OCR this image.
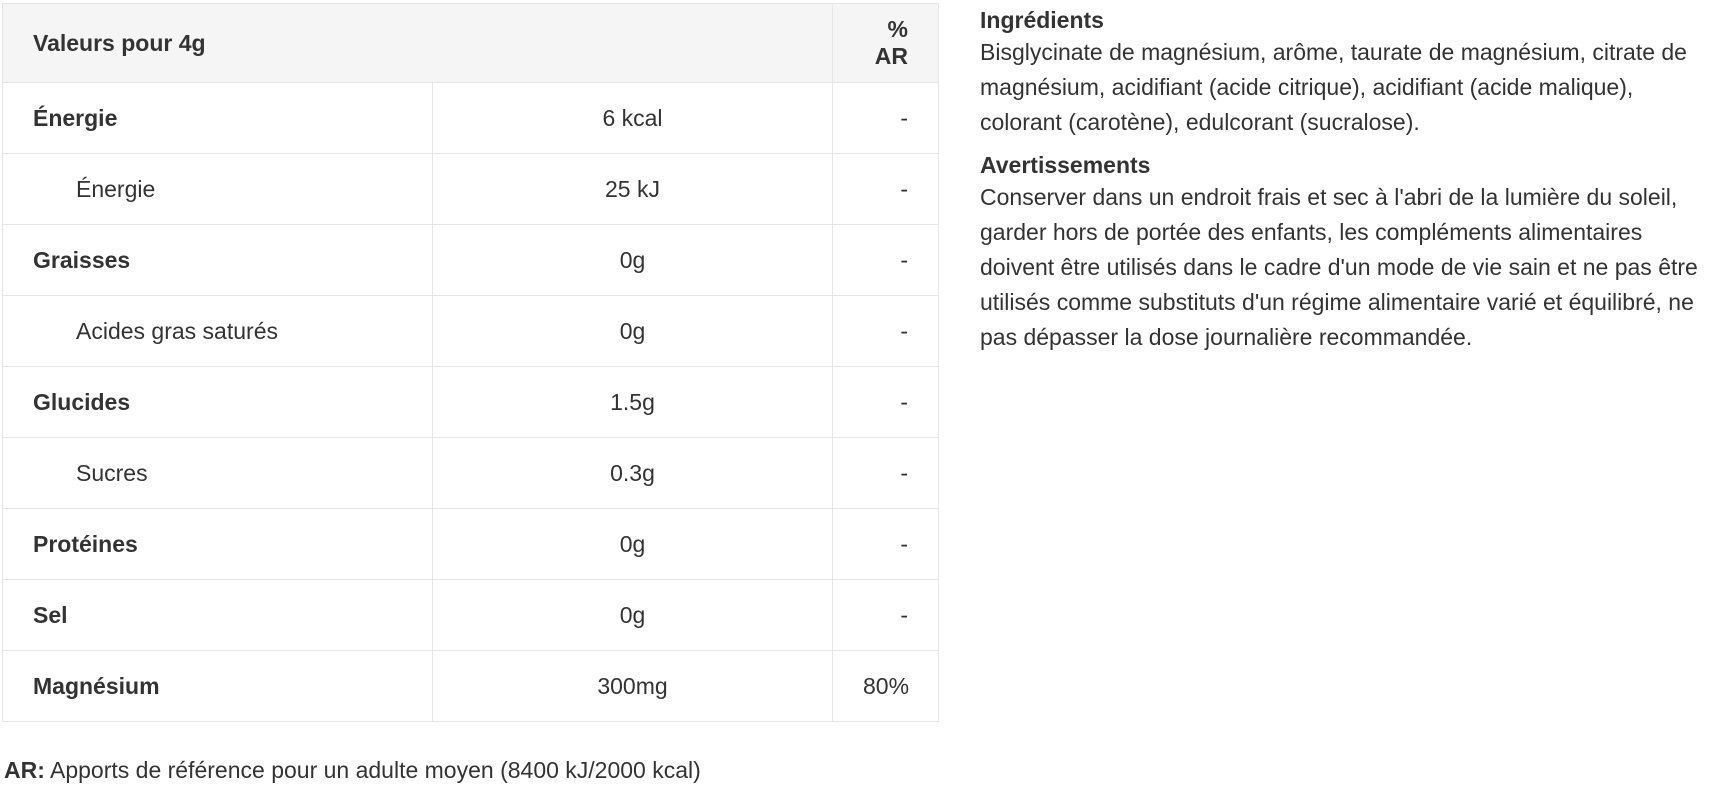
Valeurs pour 4g		% AR
Énergie	6 kcal	-
Énergie	25 kJ	-
Graisses	0g	-
Acides gras saturés	0g	-
Glucides	1.5g	-
Sucres	0.3g	-
Protéines	0g	-
Sel	0g	-
Magnésium	300mg	80%
AR: Apports de référence pour un adulte moyen (8400 kJ/2000 kcal)
Ingrédients

Bisglycinate de magnésium, arôme, taurate de magnésium, citrate de magnésium, acidifiant (acide citrique), acidifiant (acide malique), colorant (carotène), edulcorant (sucralose).

Avertissements

Conserver dans un endroit frais et sec à l'abri de la lumière du soleil, garder hors de portée des enfants, les compléments alimentaires doivent être utilisés dans le cadre d'un mode de vie sain et ne pas être utilisés comme substituts d'un régime alimentaire varié et équilibré, ne pas dépasser la dose journalière recommandée.
